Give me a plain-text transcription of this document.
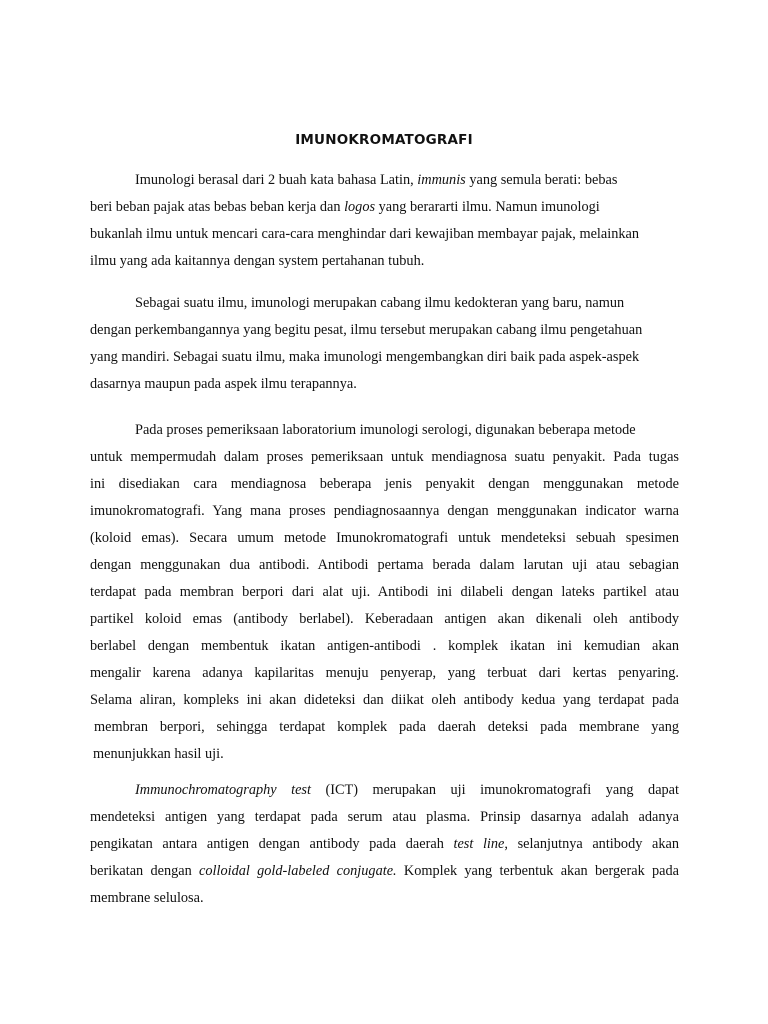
IMUNOKROMATOGRAFI
Imunologi berasal dari 2 buah kata bahasa Latin, immunis yang semula berati: bebas
beri beban pajak atas bebas beban kerja dan logos yang berararti ilmu. Namun imunologi
bukanlah ilmu untuk mencari cara-cara menghindar dari kewajiban membayar pajak, melainkan
ilmu yang ada kaitannya dengan system pertahanan tubuh.
Sebagai suatu ilmu, imunologi merupakan cabang ilmu kedokteran yang baru, namun
dengan perkembangannya yang begitu pesat, ilmu tersebut merupakan cabang ilmu pengetahuan
yang mandiri. Sebagai suatu ilmu, maka imunologi mengembangkan diri baik pada aspek-aspek
dasarnya maupun pada aspek ilmu terapannya.
Pada proses pemeriksaan laboratorium imunologi serologi, digunakan beberapa metode
untuk mempermudah dalam proses pemeriksaan untuk mendiagnosa suatu penyakit. Pada tugas
ini disediakan cara mendiagnosa beberapa jenis penyakit dengan menggunakan metode
imunokromatografi. Yang mana proses pendiagnosaannya dengan menggunakan indicator warna
(koloid emas). Secara umum metode Imunokromatografi untuk mendeteksi sebuah spesimen
dengan menggunakan dua antibodi. Antibodi pertama berada dalam larutan uji atau sebagian
terdapat pada membran berpori dari alat uji. Antibodi ini dilabeli dengan lateks partikel atau
partikel koloid emas (antibody berlabel). Keberadaan antigen akan dikenali oleh antibody
berlabel dengan membentuk ikatan antigen-antibodi . komplek ikatan ini kemudian akan
mengalir karena adanya kapilaritas menuju penyerap, yang terbuat dari kertas penyaring.
Selama aliran, kompleks ini akan dideteksi dan diikat oleh antibody kedua yang terdapat pada
membran berpori, sehingga terdapat komplek pada daerah deteksi pada membrane yang
menunjukkan hasil uji.
Immunochromatography test (ICT) merupakan uji imunokromatografi yang dapat
mendeteksi antigen yang terdapat pada serum atau plasma. Prinsip dasarnya adalah adanya
pengikatan antara antigen dengan antibody pada daerah test line, selanjutnya antibody akan
berikatan dengan colloidal gold-labeled conjugate. Komplek yang terbentuk akan bergerak pada
membrane selulosa.
